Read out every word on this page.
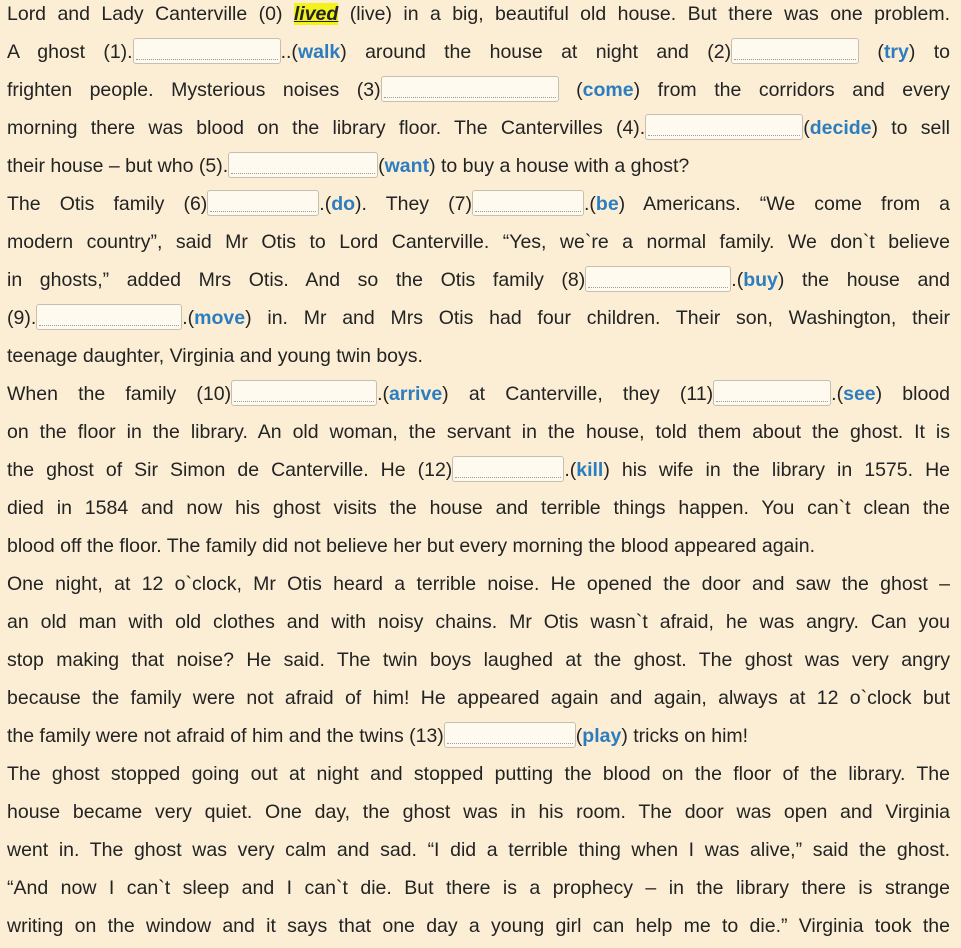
Lord and Lady Canterville (0) lived (live) in a big, beautiful old house. But there was one problem.
A ghost (1).	..(walk) around the house at night and (2)	(try) to
frighten people. Mysterious noises (3)	(come) from the corridors and every
morning there was blood on the library floor. The Cantervilles (4).	(decide) to sell
their house – but who (5).	(want) to buy a house with a ghost?
The Otis family (6)	.(do). They (7)	.(be) Americans. “We come from a
modern country”, said Mr Otis to Lord Canterville. “Yes, we`re a normal family. We don`t believe
in ghosts,” added Mrs Otis. And so the Otis family (8)	.(buy) the house and
(9).	.(move) in. Mr and Mrs Otis had four children. Their son, Washington, their
teenage daughter, Virginia and young twin boys.
When the family (10)	.(arrive) at Canterville, they (11)	.(see) blood
on the floor in the library. An old woman, the servant in the house, told them about the ghost. It is
the ghost of Sir Simon de Canterville. He (12)	.(kill) his wife in the library in 1575. He
died in 1584 and now his ghost visits the house and terrible things happen. You can`t clean the
blood off the floor. The family did not believe her but every morning the blood appeared again.
One night, at 12 o`clock, Mr Otis heard a terrible noise. He opened the door and saw the ghost –
an old man with old clothes and with noisy chains. Mr Otis wasn`t afraid, he was angry. Can you
stop making that noise? He said. The twin boys laughed at the ghost. The ghost was very angry
because the family were not afraid of him! He appeared again and again, always at 12 o`clock but
the family were not afraid of him and the twins (13)	(play) tricks on him!
The ghost stopped going out at night and stopped putting the blood on the floor of the library. The
house became very quiet. One day, the ghost was in his room. The door was open and Virginia
went in. The ghost was very calm and sad. “I did a terrible thing when I was alive,” said the ghost.
“And now I can`t sleep and I can`t die. But there is a prophecy – in the library there is strange
writing on the window and it says that one day a young girl can help me to die.” Virginia took the
